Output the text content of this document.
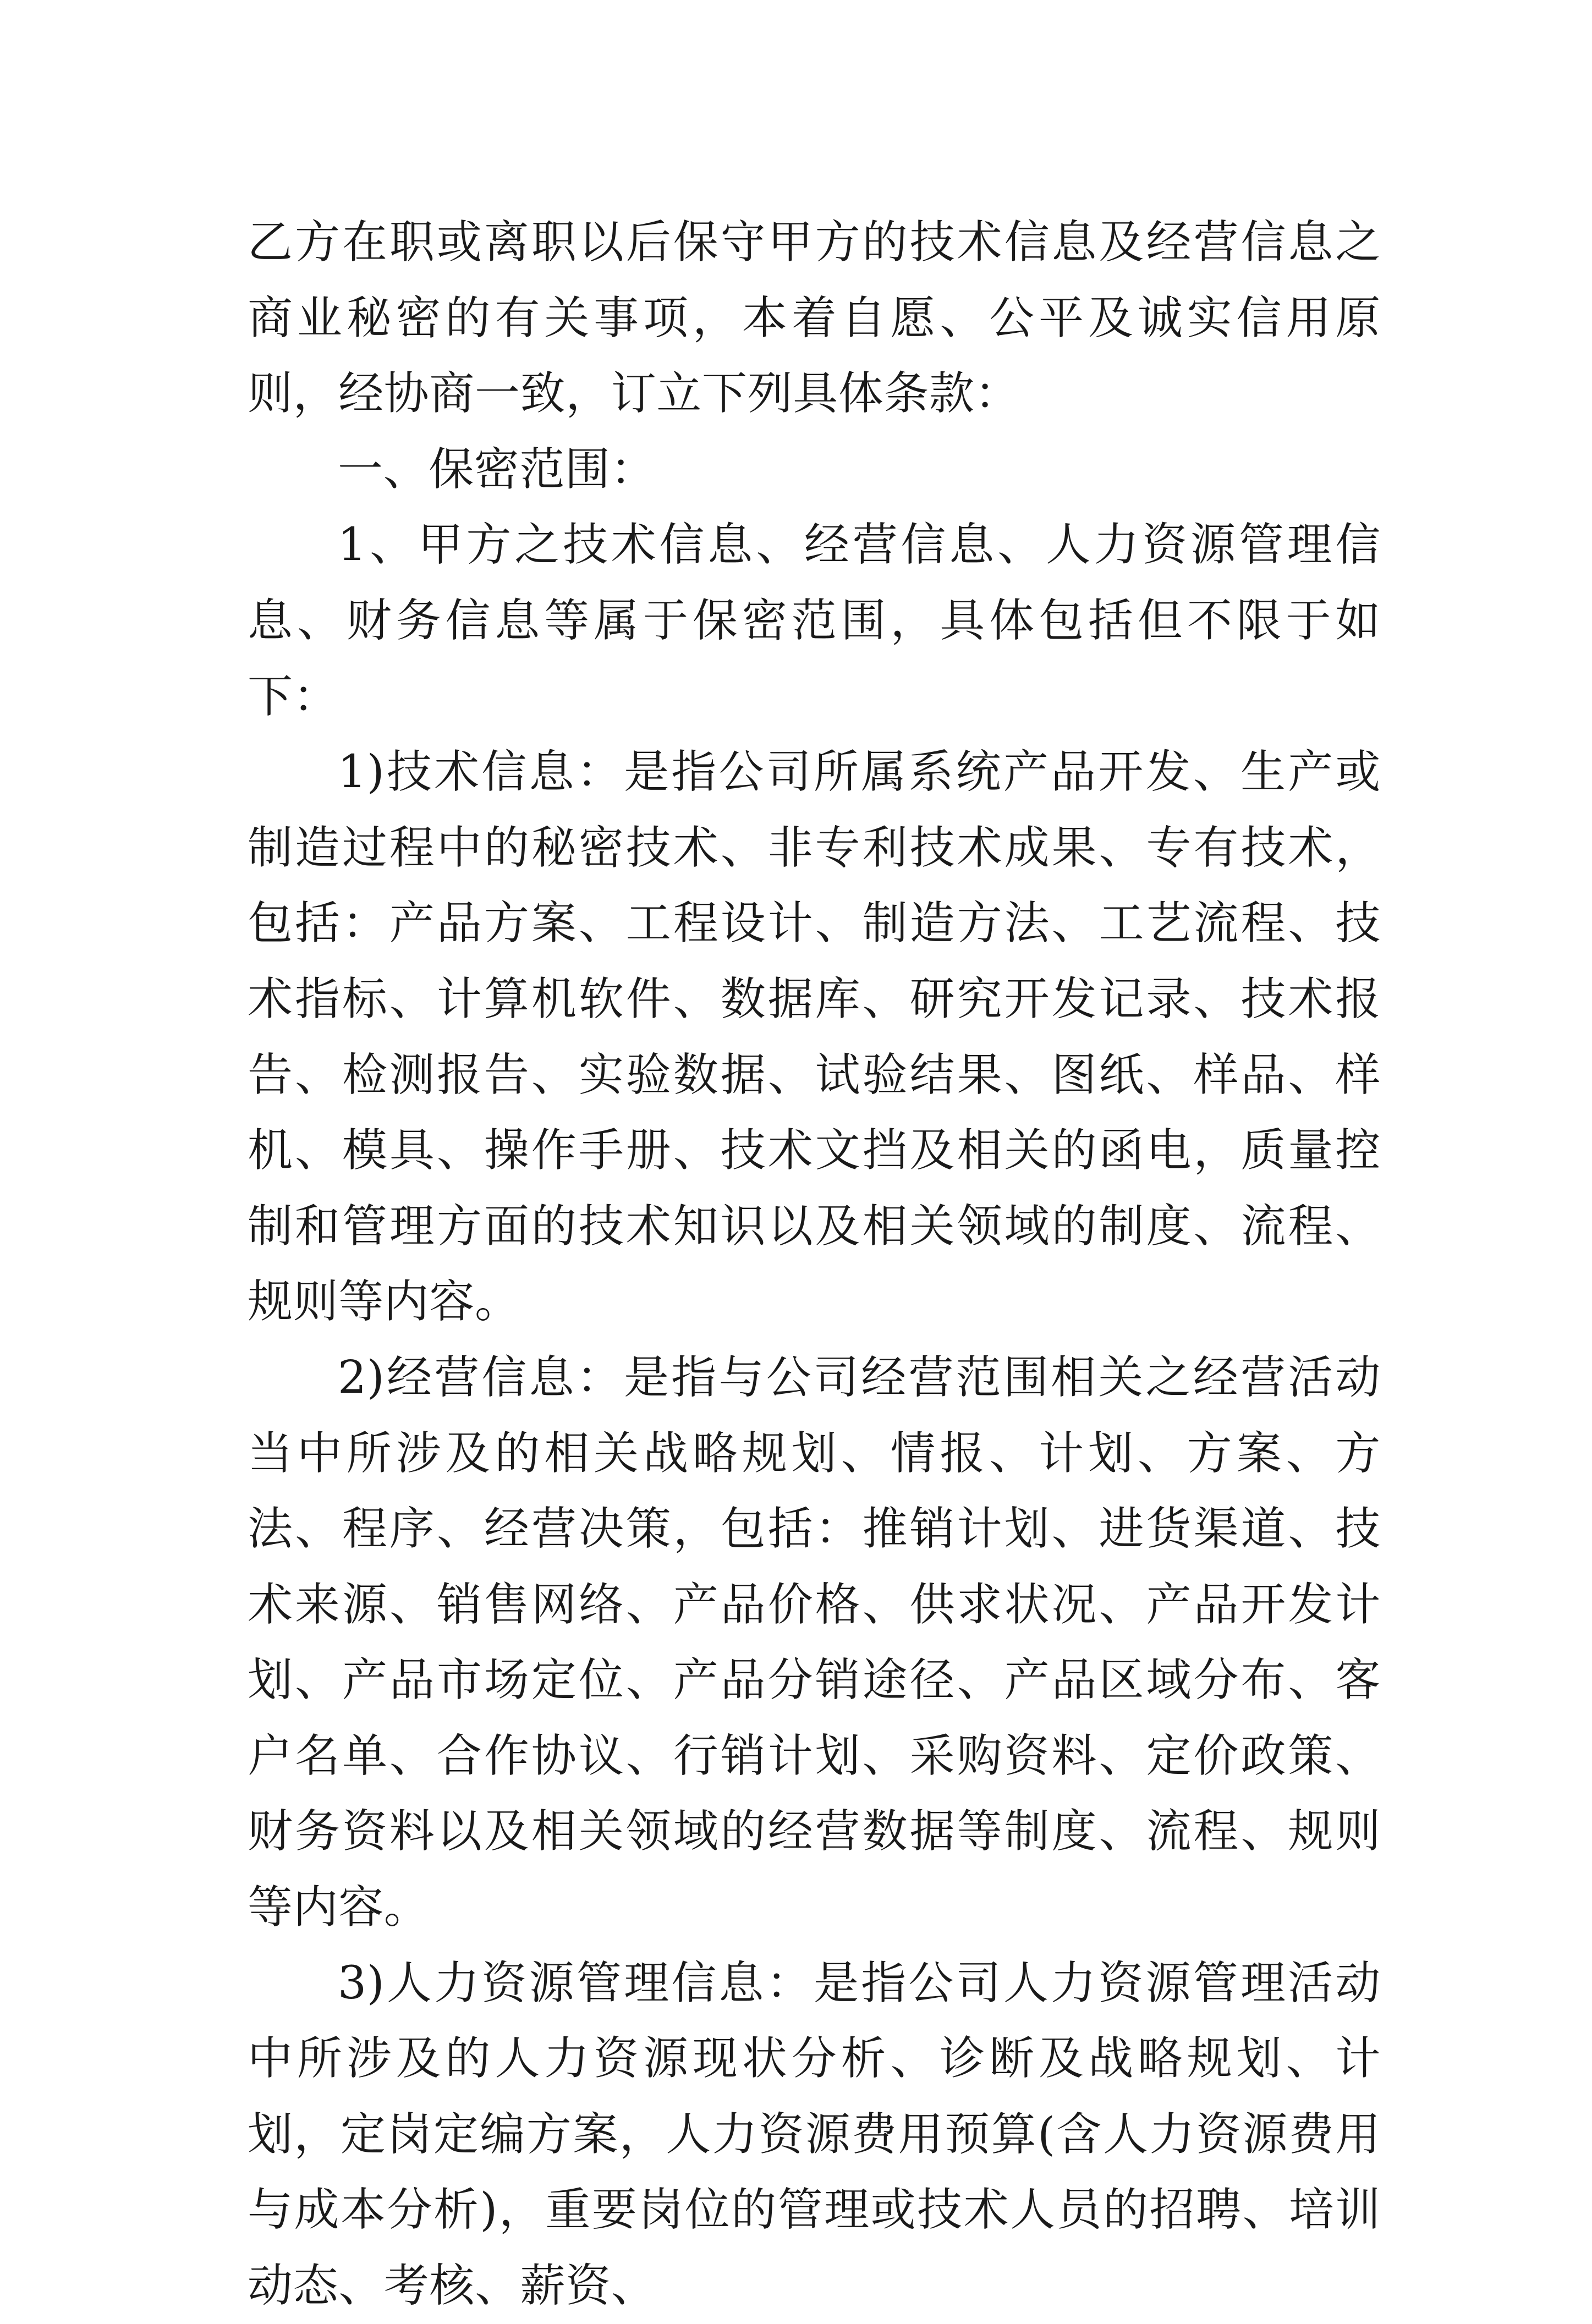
乙方在职或离职以后保守甲方的技术信息及经营信息之商业秘密的有关事项，本着自愿、公平及诚实信用原则，经协商一致，订立下列具体条款：

一、保密范围：

1、甲方之技术信息、经营信息、人力资源管理信息、财务信息等属于保密范围，具体包括但不限于如下：

1)技术信息：是指公司所属系统产品开发、生产或制造过程中的秘密技术、非专利技术成果、专有技术，包括：产品方案、工程设计、制造方法、工艺流程、技术指标、计算机软件、数据库、研究开发记录、技术报告、检测报告、实验数据、试验结果、图纸、样品、样机、模具、操作手册、技术文挡及相关的函电，质量控制和管理方面的技术知识以及相关领域的制度、流程、规则等内容。

2)经营信息：是指与公司经营范围相关之经营活动当中所涉及的相关战略规划、情报、计划、方案、方法、程序、经营决策，包括：推销计划、进货渠道、技术来源、销售网络、产品价格、供求状况、产品开发计划、产品市场定位、产品分销途径、产品区域分布、客户名单、合作协议、行销计划、采购资料、定价政策、财务资料以及相关领域的经营数据等制度、流程、规则等内容。

3)人力资源管理信息：是指公司人力资源管理活动中所涉及的人力资源现状分析、诊断及战略规划、计划，定岗定编方案，人力资源费用预算(含人力资源费用与成本分析)，重要岗位的管理或技术人员的招聘、培训动态、考核、薪资、
